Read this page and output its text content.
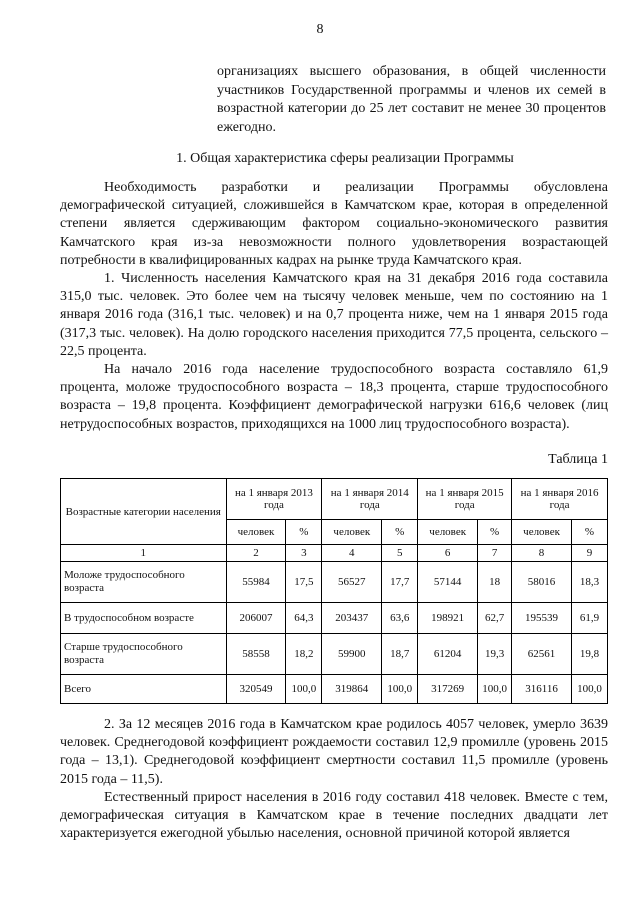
8
организациях высшего образования, в общей численности участников Государственной программы и членов их семей в возрастной категории до 25 лет составит не менее 30 процентов ежегодно.
1. Общая характеристика сферы реализации Программы

Необходимость разработки и реализации Программы обусловлена демографической ситуацией, сложившейся в Камчатском крае, которая в определенной степени является сдерживающим фактором социально-экономического развития Камчатского края из-за невозможности полного удовлетворения возрастающей потребности в квалифицированных кадрах на рынке труда Камчатского края.

1. Численность населения Камчатского края на 31 декабря 2016 года составила 315,0 тыс. человек. Это более чем на тысячу человек меньше, чем по состоянию на 1 января 2016 года (316,1 тыс. человек) и на 0,7 процента ниже, чем на 1 января 2015 года (317,3 тыс. человек). На долю городского населения приходится 77,5 процента, сельского – 22,5 процента.

На начало 2016 года население трудоспособного возраста составляло 61,9 процента, моложе трудоспособного возраста – 18,3 процента, старше трудоспособного возраста – 19,8 процента. Коэффициент демографической нагрузки 616,6 человек (лиц нетрудоспособных возрастов, приходящихся на 1000 лиц трудоспособного возраста).

Таблица 1
Возрастные категории населения	на 1 января 2013 года		на 1 января 2014 года		на 1 января 2015 года		на 1 января 2016 года	
	человек	%	человек	%	человек	%	человек	%
1	2	3	4	5	6	7	8	9
Моложе трудоспособного возраста	55984	17,5	56527	17,7	57144	18	58016	18,3
В трудоспособном возрасте	206007	64,3	203437	63,6	198921	62,7	195539	61,9
Старше трудоспособного возраста	58558	18,2	59900	18,7	61204	19,3	62561	19,8
Всего	320549	100,0	319864	100,0	317269	100,0	316116	100,0

2. За 12 месяцев 2016 года в Камчатском крае родилось 4057 человек, умерло 3639 человек. Среднегодовой коэффициент рождаемости составил 12,9 промилле (уровень 2015 года – 13,1). Среднегодовой коэффициент смертности составил 11,5 промилле (уровень 2015 года – 11,5).

Естественный прирост населения в 2016 году составил 418 человек. Вместе с тем, демографическая ситуация в Камчатском крае в течение последних двадцати лет характеризуется ежегодной убылью населения, основной причиной которой является
